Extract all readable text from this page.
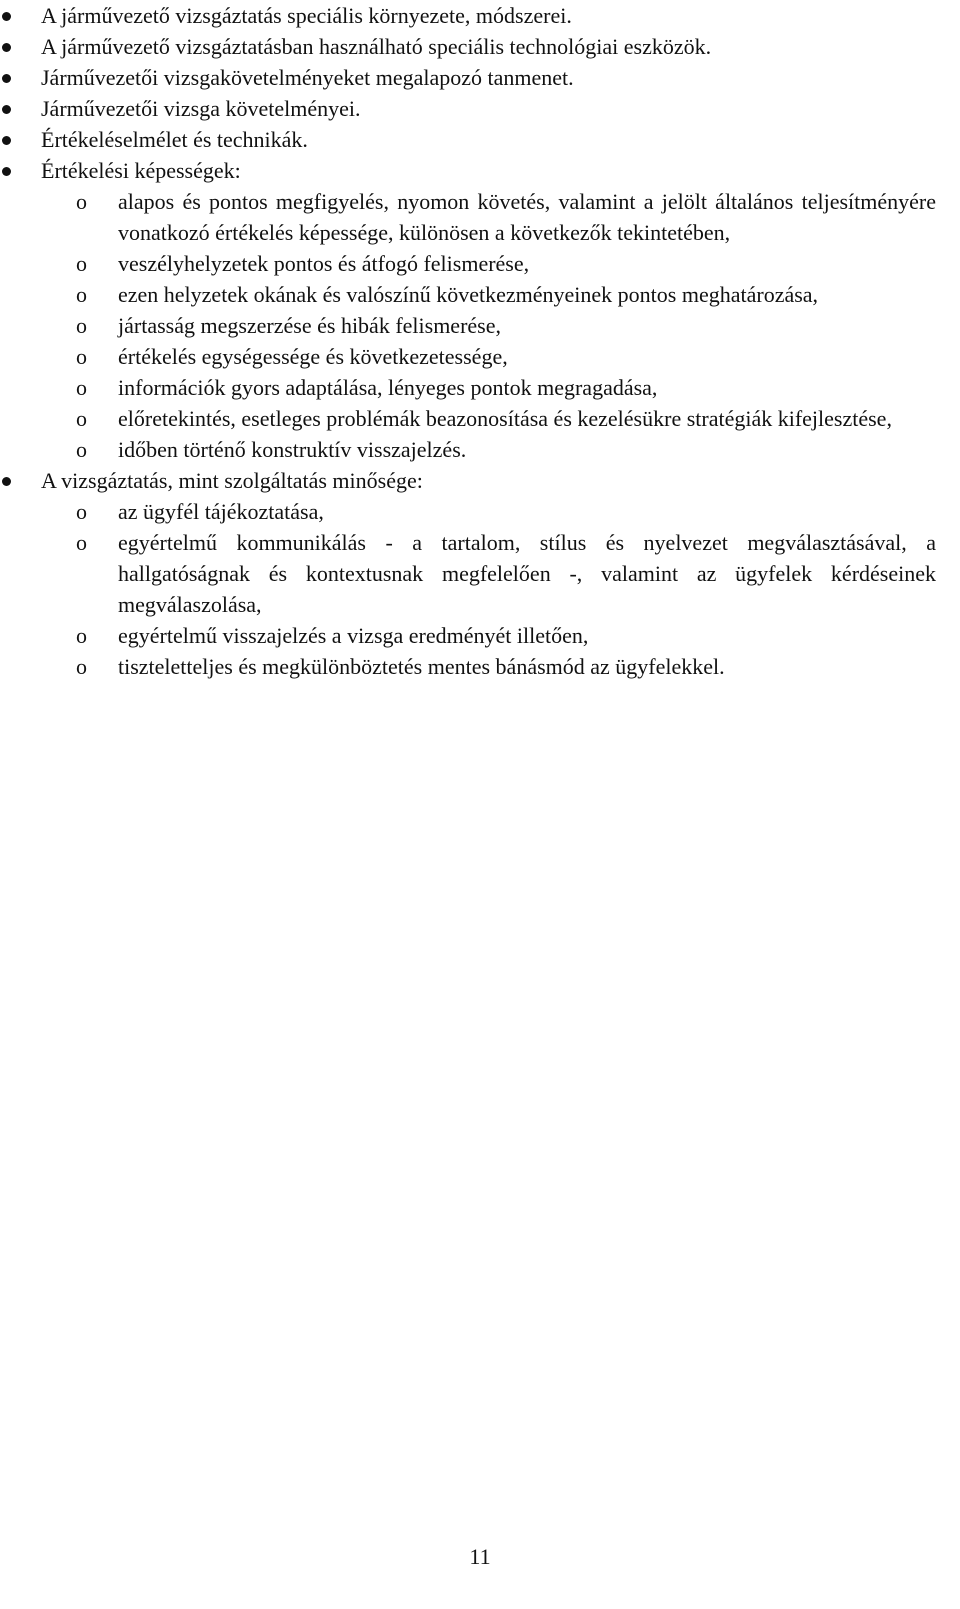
A járművezető vizsgáztatás speciális környezete, módszerei.
A járművezető vizsgáztatásban használható speciális technológiai eszközök.
Járművezetői vizsgakövetelményeket megalapozó tanmenet.
Járművezetői vizsga követelményei.
Értékeléselmélet és technikák.
Értékelési képességek:
o alapos és pontos megfigyelés, nyomon követés, valamint a jelölt általános teljesítményére vonatkozó értékelés képessége, különösen a következők tekintetében,
o veszélyhelyzetek pontos és átfogó felismerése,
o ezen helyzetek okának és valószínű következményeinek pontos meghatározása,
o jártasság megszerzése és hibák felismerése,
o értékelés egységessége és következetessége,
o információk gyors adaptálása, lényeges pontok megragadása,
o előretekintés, esetleges problémák beazonosítása és kezelésükre stratégiák kifejlesztése,
o időben történő konstruktív visszajelzés.
A vizsgáztatás, mint szolgáltatás minősége:
o az ügyfél tájékoztatása,
o egyértelmű kommunikálás - a tartalom, stílus és nyelvezet megválasztásával, a hallgatóságnak és kontextusnak megfelelően -, valamint az ügyfelek kérdéseinek megválaszolása,
o egyértelmű visszajelzés a vizsga eredményét illetően,
o tiszteletteljes és megkülönböztetés mentes bánásmód az ügyfelekkel.
11
